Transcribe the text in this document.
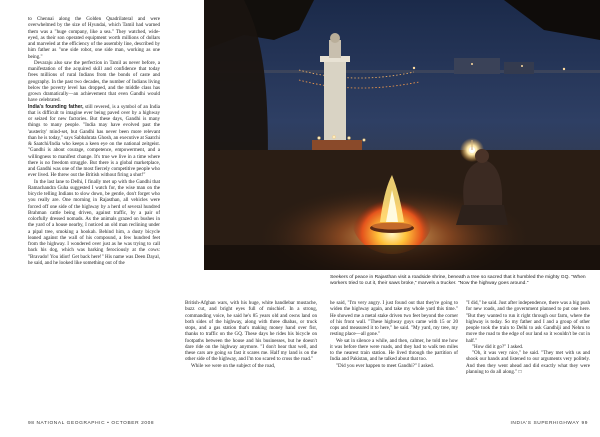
to Chennai along the Golden Quadrilateral and were overwhelmed by the size of Hyundai, which Tamil had warned them was a "huge company, like a sea." They watched, wide-eyed, as their son operated equipment worth millions of dollars and marveled at the efficiency of the assembly line, described by him father as "one side robot, one side man, working as one being."

Devaraju also saw the perfection in Tamil as never before, a manifestation of the acquired skill and confidence that today frees millions of rural Indians from the bonds of caste and geography. In the past two decades, the number of Indians living below the poverty level has dropped, and the middle class has grown dramatically—an achievement that even Gandhi would have celebrated.

India's founding father, still revered, is a symbol of an India that is difficult to imagine ever being paved over by a highway or seized for new factories. But these days, Gandhi is many things to many people. "India may have evolved past the 'austerity' mind-set, but Gandhi has never been more relevant than he is today," says Sabbahrata Ghosh, an executive at Saatchi & Saatchi/India who keeps a keen eye on the national zeitgeist. "Gandhi is about courage, competence, empowerment, and a willingness to manifest change. It's true we live in a time where there is no freedom struggle. But there is a global marketplace, and Gandhi was one of the most fiercely competitive people who ever lived. He threw out the British without firing a shot!"

In the last lane to Delhi, I finally met up with the Gandhi that Ramachandra Guha suggested I watch for, the wise man on the bicycle telling Indians to slow down, be gentle, don't forget who you really are. One morning in Rajasthan, all vehicles were forced off one side of the highway by a herd of several hundred Brahman cattle being driven, against traffic, by a pair of colorfully dressed nomads. As the animals grazed on bushes in the yard of a house nearby, I noticed an old man reclining under a pipal tree, smoking a hookah. Behind him, a dusty bicycle leaned against the wall of his compound, a few hundred feet from the highway. I wondered over just as he was trying to call back his dog, which was barking ferociously at the cows: "Bravado! You idiot! Get back here!" His name was Deen Dayal, he said, and he looked like something out of the

Seekers of peace in Rajasthan visit a roadside shrine, beneath a tree so sacred that it humbled the mighty GQ. "When workers tried to cut it, their saws broke," marvels a trucker. "Now the highway goes around."

British-Afghan wars, with his huge, white handlebar mustache, buzz cut, and bright eyes full of mischief. In a strong, commanding voice, he said he's 85 years old and owns land on both sides of the highway, along with three dhabas, or truck stops, and a gas station that's making money hand over fist, thanks to traffic on the GQ. These days he rides his bicycle on footpaths between the house and his businesses, but he doesn't dare ride on the highway anymore. "I don't hear that well, and these cars are going so fast it scares me. Half my land is on the other side of the highway, and I'm too scared to cross the road."

While we were on the subject of the road,

he said, "I'm very angry. I just found out that they're going to widen the highway again, and take my whole yard this time." He showed me a metal stake driven two feet beyond the corner of his front wall. "These highway guys came with 15 or 20 cops and measured it to here," he said. "My yard, my tree, my resting place—all gone."

We sat in silence a while, and then, calmer, he told me how it was before there were roads, and they had to walk ten miles to the nearest train station. He lived through the partition of India and Pakistan, and he talked about that too.

"Did you ever happen to meet Gandhi?" I asked.

"I did," he said. Just after independence, there was a big push for new roads, and the government planned to put one here. "But they wanted to run it right through our farm, where the highway is today. So my father and I and a group of other people took the train to Delhi to ask Gandhiji and Nehru to move the road to the edge of our land so it wouldn't be cut in half."

"How did it go?" I asked.

"Oh, it was very nice," he said. "They met with us and shook our hands and listened to our arguments very politely. And then they went ahead and did exactly what they were planning to do all along." □

98 NATIONAL GEOGRAPHIC • OCTOBER 2008	INDIA'S SUPERHIGHWAY 99
